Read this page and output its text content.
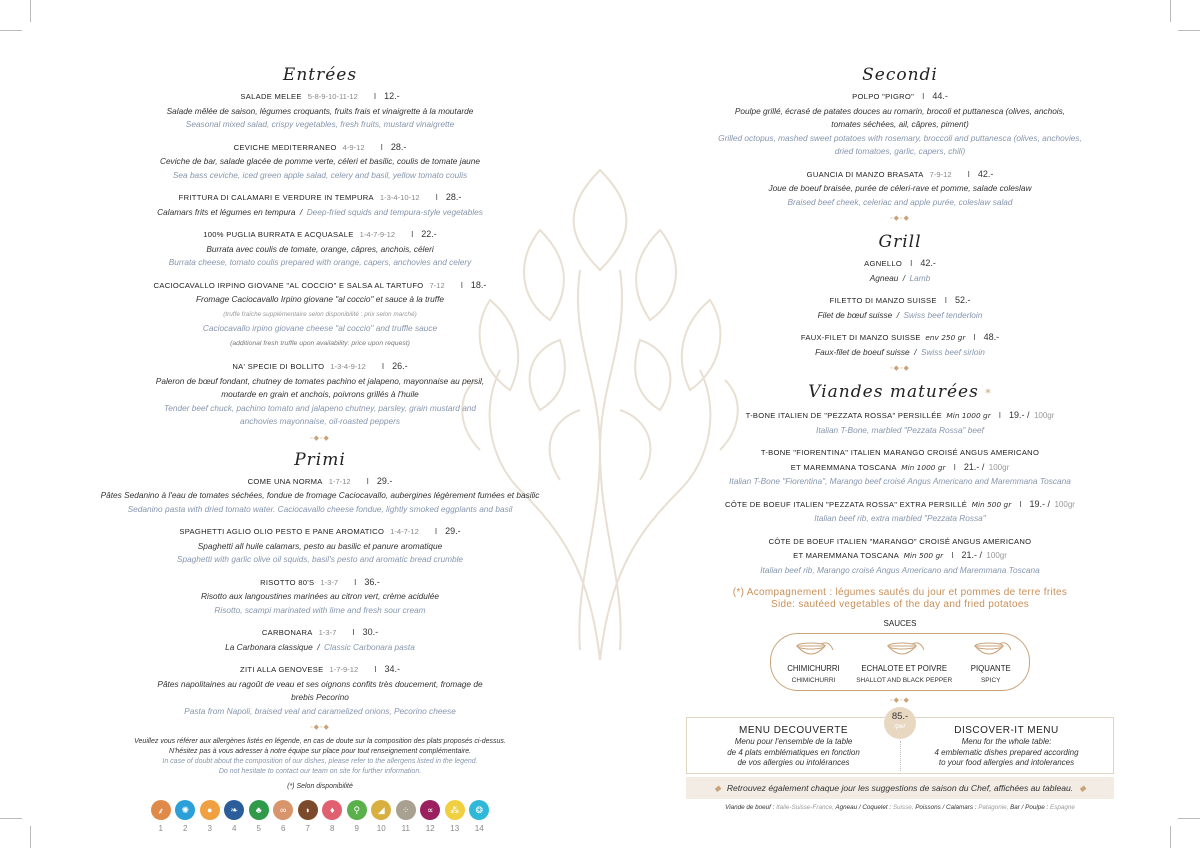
Entrées
SALADE MELEE 5-8-9-10-11-12 I 12.-
Salade mêlée de saison, légumes croquants, fruits frais et vinaigrette à la moutarde
Seasonal mixed salad, crispy vegetables, fresh fruits, mustard vinaigrette
CEVICHE MEDITERRANEO 4-9-12 I 28.-
Ceviche de bar, salade glacée de pomme verte, céleri et basilic, coulis de tomate jaune
Sea bass ceviche, iced green apple salad, celery and basil, yellow tomato coulis
FRITTURA DI CALAMARI E VERDURE IN TEMPURA 1-3-4-10-12 I 28.-
Calamars frits et légumes en tempura / Deep-fried squids and tempura-style vegetables
100% PUGLIA BURRATA E ACQUASALE 1-4-7-9-12 I 22.-
Burrata avec coulis de tomate, orange, câpres, anchois, céleri
Burrata cheese, tomato coulis prepared with orange, capers, anchovies and celery
CACIOCAVALLO IRPINO GIOVANE "AL COCCIO" E SALSA AL TARTUFO 7-12 I 18.-
Fromage Caciocavallo Irpino giovane "al coccio" et sauce à la truffe
(truffe fraîche supplémentaire selon disponibilité : prix selon marché)
Caciocavallo irpino giovane cheese "al coccio" and truffle sauce
(additional fresh truffle upon availability: price upon request)
NA' SPECIE DI BOLLITO 1-3-4-9-12 I 26.-
Paleron de bœuf fondant, chutney de tomates pachino et jalapeno, mayonnaise au persil,
moutarde en grain et anchois, poivrons grillés à l'huile
Tender beef chuck, pachino tomato and jalapeno chutney, parsley, grain mustard and
anchovies mayonnaise, oil-roasted peppers
◦◆◦◆
Primi
COME UNA NORMA 1-7-12 I 29.-
Pâtes Sedanino à l'eau de tomates séchées, fondue de fromage Caciocavallo, aubergines légèrement fumées et basilic
Sedanino pasta with dried tomato water. Caciocavallo cheese fondue, lightly smoked eggplants and basil
SPAGHETTI AGLIO OLIO PESTO E PANE AROMATICO 1-4-7-12 I 29.-
Spaghetti all huile calamars, pesto au basilic et panure aromatique
Spaghetti with garlic olive oil squids, basil's pesto and aromatic bread crumble
RISOTTO 80'S 1-3-7 I 36.-
Risotto aux langoustines marinées au citron vert, crème acidulée
Risotto, scampi marinated with lime and fresh sour cream
CARBONARA 1-3-7 I 30.-
La Carbonara classique / Classic Carbonara pasta
ZITI ALLA GENOVESE 1-7-9-12 I 34.-
Pâtes napolitaines au ragoût de veau et ses oignons confits très doucement, fromage de
brebis Pecorino
Pasta from Napoli, braised veal and caramelized onions, Pecorino cheese
◦◆◦◆
Veuillez vous référer aux allergènes listés en légende, en cas de doute sur la composition des plats proposés ci-dessus.
N'hésitez pas à vous adresser à notre équipe sur place pour tout renseignement complémentaire.
In case of doubt about the composition of our dishes, please refer to the allergens listed in the legend.
Do not hesitate to contact our team on site for further information.
(*) Selon disponibilité
⸙	✺	●	❧	♣	∞	◗	♦	⚲	◢	⁘	∝	⁂	❂
1	2	3	4	5	6	7	8	9	10	11	12	13	14
Secondi
POLPO "PIGRO" I 44.-
Poulpe grillé, écrasé de patates douces au romarin, brocoli et puttanesca (olives, anchois,
tomates séchées, ail, câpres, piment)
Grilled octopus, mashed sweet potatoes with rosemary, broccoli and puttanesca (olives, anchovies,
dried tomatoes, garlic, capers, chili)
GUANCIA DI MANZO BRASATA 7-9-12 I 42.-
Joue de boeuf braisée, purée de céleri-rave et pomme, salade coleslaw
Braised beef cheek, celeriac and apple purée, coleslaw salad
◦◆◦◆
Grill
AGNELLO I 42.-
Agneau / Lamb
FILETTO DI MANZO SUISSE I 52.-
Filet de bœuf suisse / Swiss beef tenderloin
FAUX-FILET DI MANZO SUISSE env 250 gr I 48.-
Faux-filet de boeuf suisse / Swiss beef sirloin
◦◆◦◆
Viandes maturées *
T-BONE ITALIEN DE "PEZZATA ROSSA" PERSILLÉE Min 1000 gr I 19.- / 100gr
Italian T-Bone, marbled "Pezzata Rossa" beef
T-BONE "FIORENTINA" ITALIEN MARANGO CROISÉ ANGUS AMERICANO
ET MAREMMANA TOSCANA Min 1000 gr I 21.- / 100gr
Italian T-Bone "Fiorentina", Marango beef croisé Angus Americano and Maremmana Toscana
CÔTE DE BOEUF ITALIEN "PEZZATA ROSSA" EXTRA PERSILLÉ Min 500 gr I 19.- / 100gr
Italian beef rib, extra marbled "Pezzata Rossa"
CÔTE DE BOEUF ITALIEN "MARANGO" CROISÉ ANGUS AMERICANO
ET MAREMMANA TOSCANA Min 500 gr I 21.- / 100gr
Italian beef rib, Marango croisé Angus Americano and Maremmana Toscana
(*) Acompagnement : légumes sautés du jour et pommes de terre frites
Side: sautéed vegetables of the day and fried potatoes
SAUCES
CHIMICHURRI
CHIMICHURRI
ECHALOTE ET POIVRE
SHALLOT AND BLACK PEPPER
PIQUANTE
SPICY
◦◆◦◆
MENU DECOUVERTE
Menu pour l'ensemble de la table
de 4 plats emblématiques en fonction
de vos allergies ou intolérances
DISCOVER-IT MENU
Menu for the whole table:
4 emblematic dishes prepared according
to your food allergies and intolerances
85.-
/per
◆ Retrouvez également chaque jour les suggestions de saison du Chef, affichées au tableau. ◆
Viande de boeuf : Italie-Suisse-France, Agneau / Coquelet : Suisse, Poissons / Calamars : Patagonie, Bar / Poulpe : Espagne
